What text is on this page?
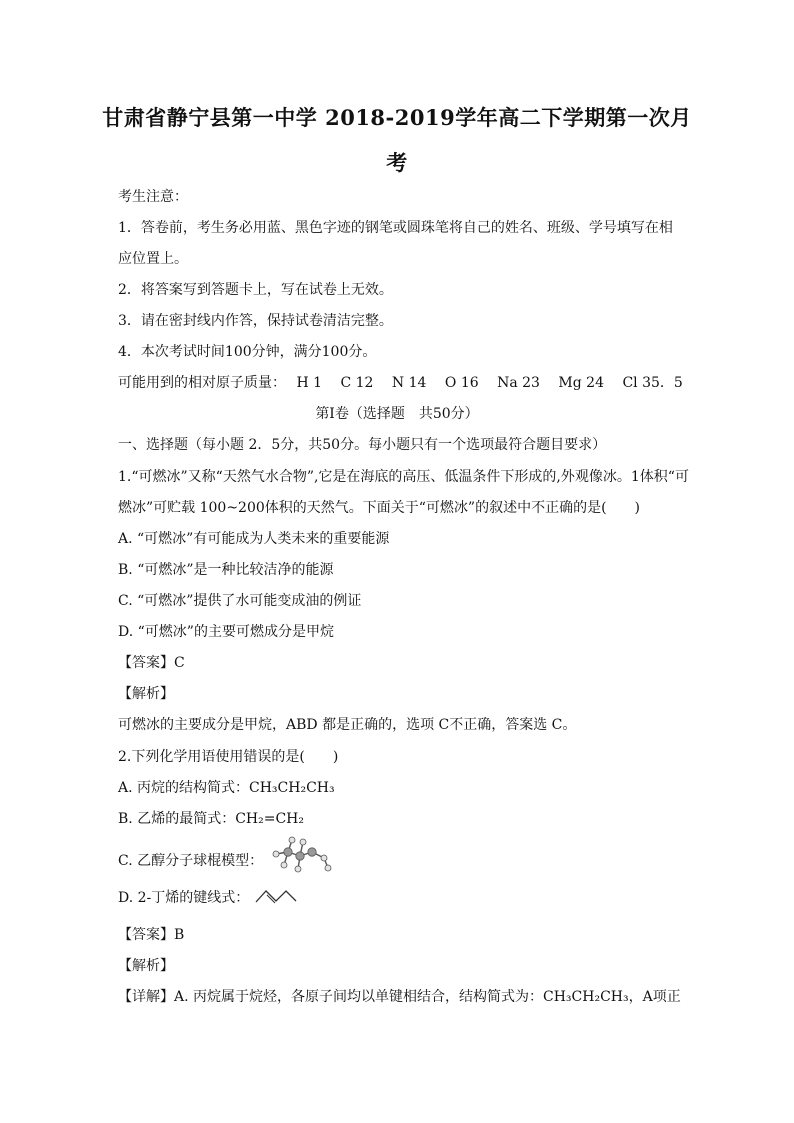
甘肃省静宁县第一中学 2018-2019学年高二下学期第一次月
考
考生注意：
1．答卷前，考生务必用蓝、黑色字迹的钢笔或圆珠笔将自己的姓名、班级、学号填写在相
应位置上。
2．将答案写到答题卡上，写在试卷上无效。
3．请在密封线内作答，保持试卷清洁完整。
4．本次考试时间100分钟，满分100分。
可能用到的相对原子质量： H 1 C 12 N 14 O 16 Na 23 Mg 24 Cl 35．5
第Ⅰ卷（选择题　共50分）
一、选择题（每小题 2．5分，共50分。每小题只有一个选项最符合题目要求）
1.“可燃冰”又称“天然气水合物”,它是在海底的高压、低温条件下形成的,外观像冰。1体积“可
燃冰”可贮载 100~200体积的天然气。下面关于“可燃冰”的叙述中不正确的是(　　)
A. “可燃冰”有可能成为人类未来的重要能源
B. “可燃冰”是一种比较洁净的能源
C. “可燃冰”提供了水可能变成油的例证
D. “可燃冰”的主要可燃成分是甲烷
【答案】C
【解析】
可燃冰的主要成分是甲烷，ABD 都是正确的，选项 C不正确，答案选 C。
2.下列化学用语使用错误的是(　　)
A. 丙烷的结构简式：CH₃CH₂CH₃
B. 乙烯的最简式：CH₂=CH₂
C. 乙醇分子球棍模型：
D. 2-丁烯的键线式：
【答案】B
【解析】
【详解】A. 丙烷属于烷烃，各原子间均以单键相结合，结构简式为：CH₃CH₂CH₃，A项正
